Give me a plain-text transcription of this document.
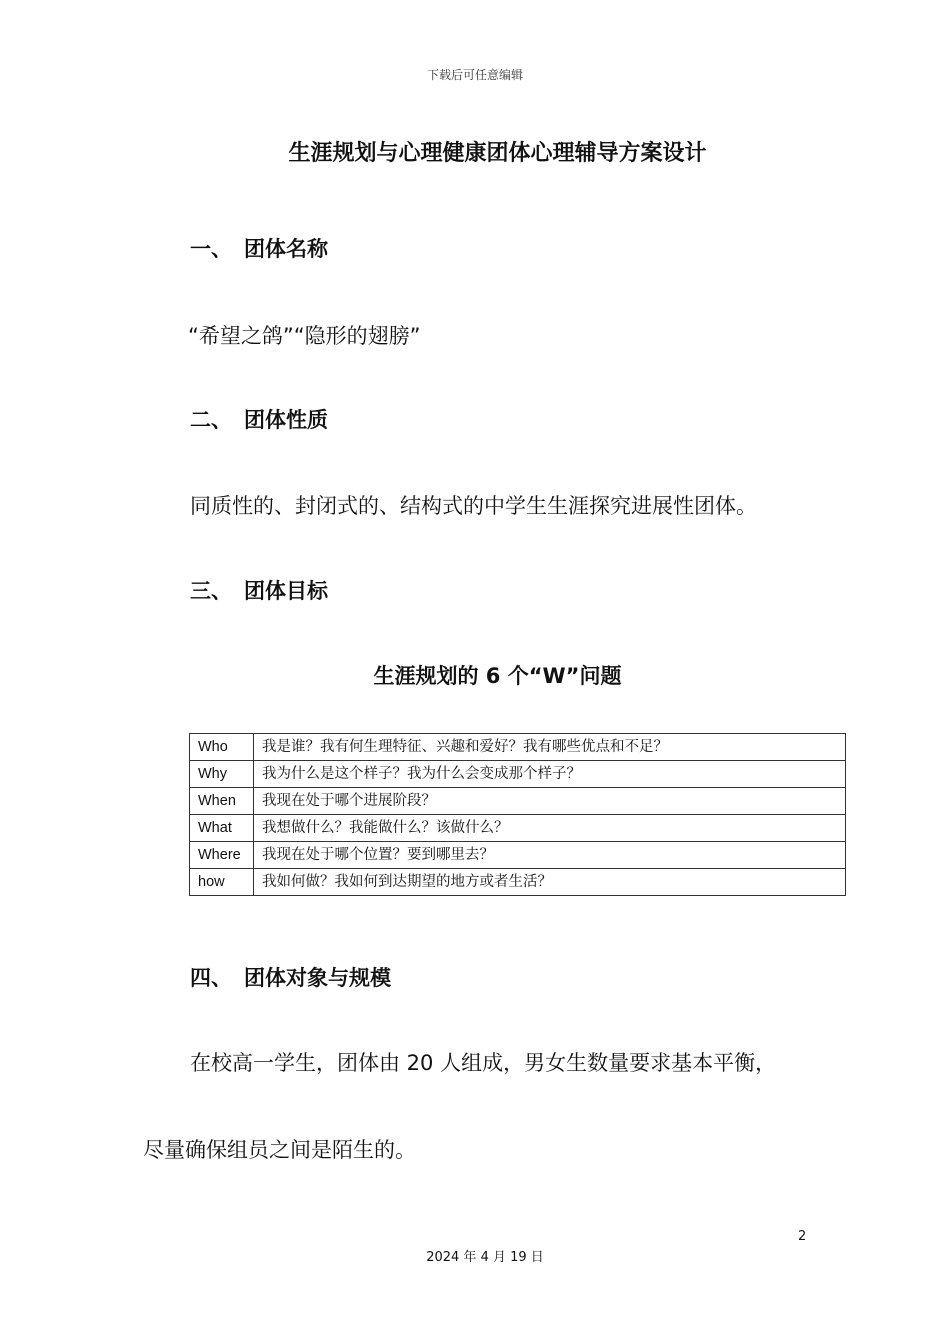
下载后可任意编辑
生涯规划与心理健康团体心理辅导方案设计
一、 团体名称
“希望之鸽”“隐形的翅膀”
二、 团体性质
同质性的、封闭式的、结构式的中学生生涯探究进展性团体。
三、 团体目标
生涯规划的 6 个“W”问题
Who	我是谁？我有何生理特征、兴趣和爱好？我有哪些优点和不足？
Why	我为什么是这个样子？我为什么会变成那个样子？
When	我现在处于哪个进展阶段？
What	我想做什么？我能做什么？该做什么？
Where	我现在处于哪个位置？要到哪里去？
how	我如何做？我如何到达期望的地方或者生活？
四、 团体对象与规模
在校高一学生，团体由 20 人组成，男女生数量要求基本平衡，
尽量确保组员之间是陌生的。
2
2024 年 4 月 19 日
